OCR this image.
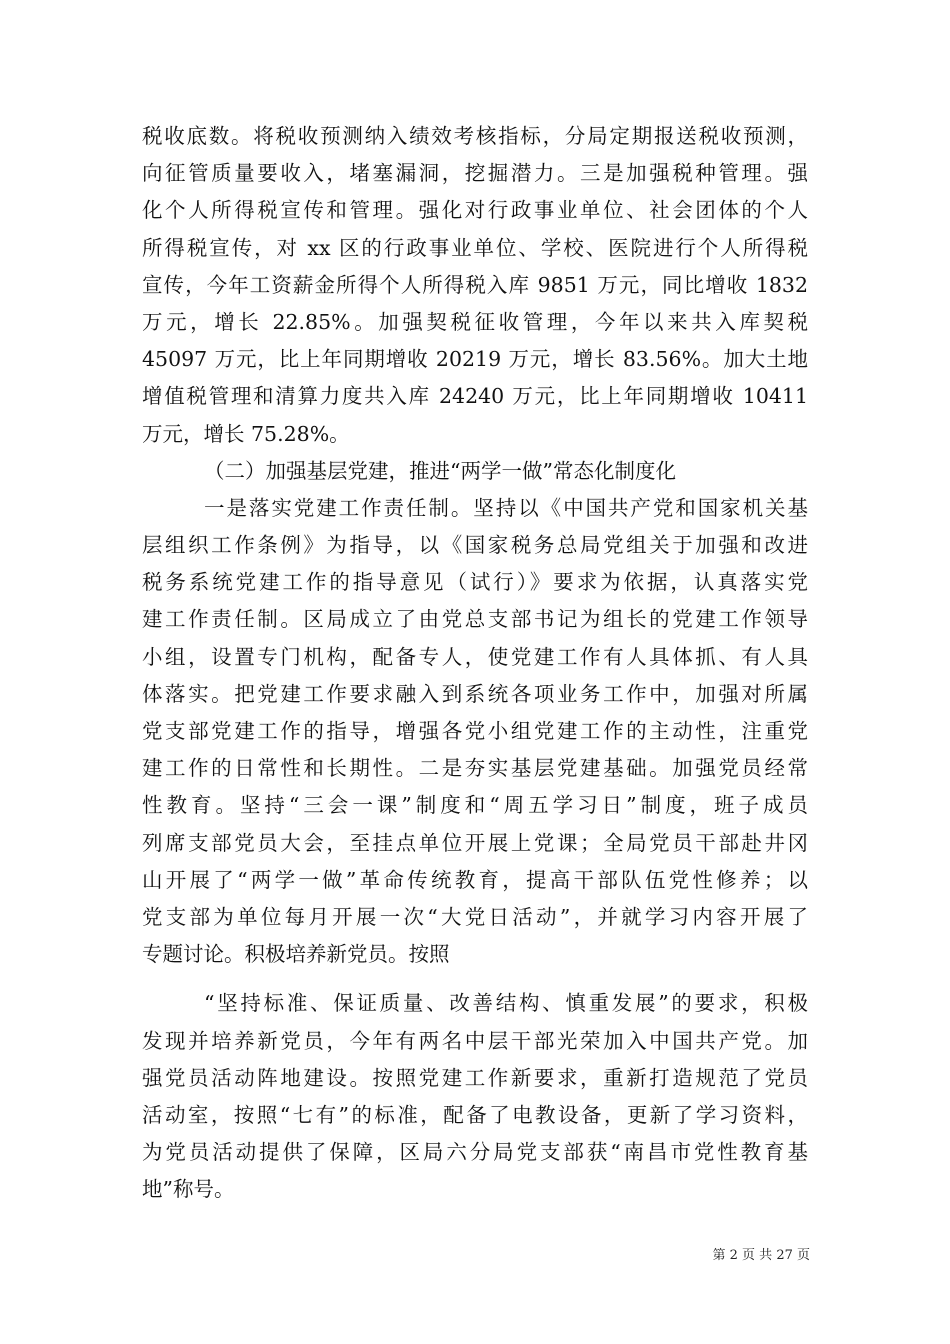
税收底数。将税收预测纳入绩效考核指标，分局定期报送税收预测，
向征管质量要收入，堵塞漏洞，挖掘潜力。三是加强税种管理。强
化个人所得税宣传和管理。强化对行政事业单位、社会团体的个人
所得税宣传，对 xx 区的行政事业单位、学校、医院进行个人所得税
宣传，今年工资薪金所得个人所得税入库 9851 万元，同比增收 1832
万元，增长 22.85%。加强契税征收管理，今年以来共入库契税
45097 万元，比上年同期增收 20219 万元，增长 83.56%。加大土地
增值税管理和清算力度共入库 24240 万元，比上年同期增收 10411
万元，增长 75.28%。
（二）加强基层党建，推进“两学一做”常态化制度化
一是落实党建工作责任制。坚持以《中国共产党和国家机关基
层组织工作条例》为指导，以《国家税务总局党组关于加强和改进
税务系统党建工作的指导意见（试行）》要求为依据，认真落实党
建工作责任制。区局成立了由党总支部书记为组长的党建工作领导
小组，设置专门机构，配备专人，使党建工作有人具体抓、有人具
体落实。把党建工作要求融入到系统各项业务工作中，加强对所属
党支部党建工作的指导，增强各党小组党建工作的主动性，注重党
建工作的日常性和长期性。二是夯实基层党建基础。加强党员经常
性教育。坚持“三会一课”制度和“周五学习日”制度，班子成员
列席支部党员大会，至挂点单位开展上党课；全局党员干部赴井冈
山开展了“两学一做”革命传统教育，提高干部队伍党性修养；以
党支部为单位每月开展一次“大党日活动”，并就学习内容开展了
专题讨论。积极培养新党员。按照
“坚持标准、保证质量、改善结构、慎重发展”的要求，积极
发现并培养新党员，今年有两名中层干部光荣加入中国共产党。加
强党员活动阵地建设。按照党建工作新要求，重新打造规范了党员
活动室，按照“七有”的标准，配备了电教设备，更新了学习资料，
为党员活动提供了保障，区局六分局党支部获“南昌市党性教育基
地”称号。
第 2 页 共 27 页
